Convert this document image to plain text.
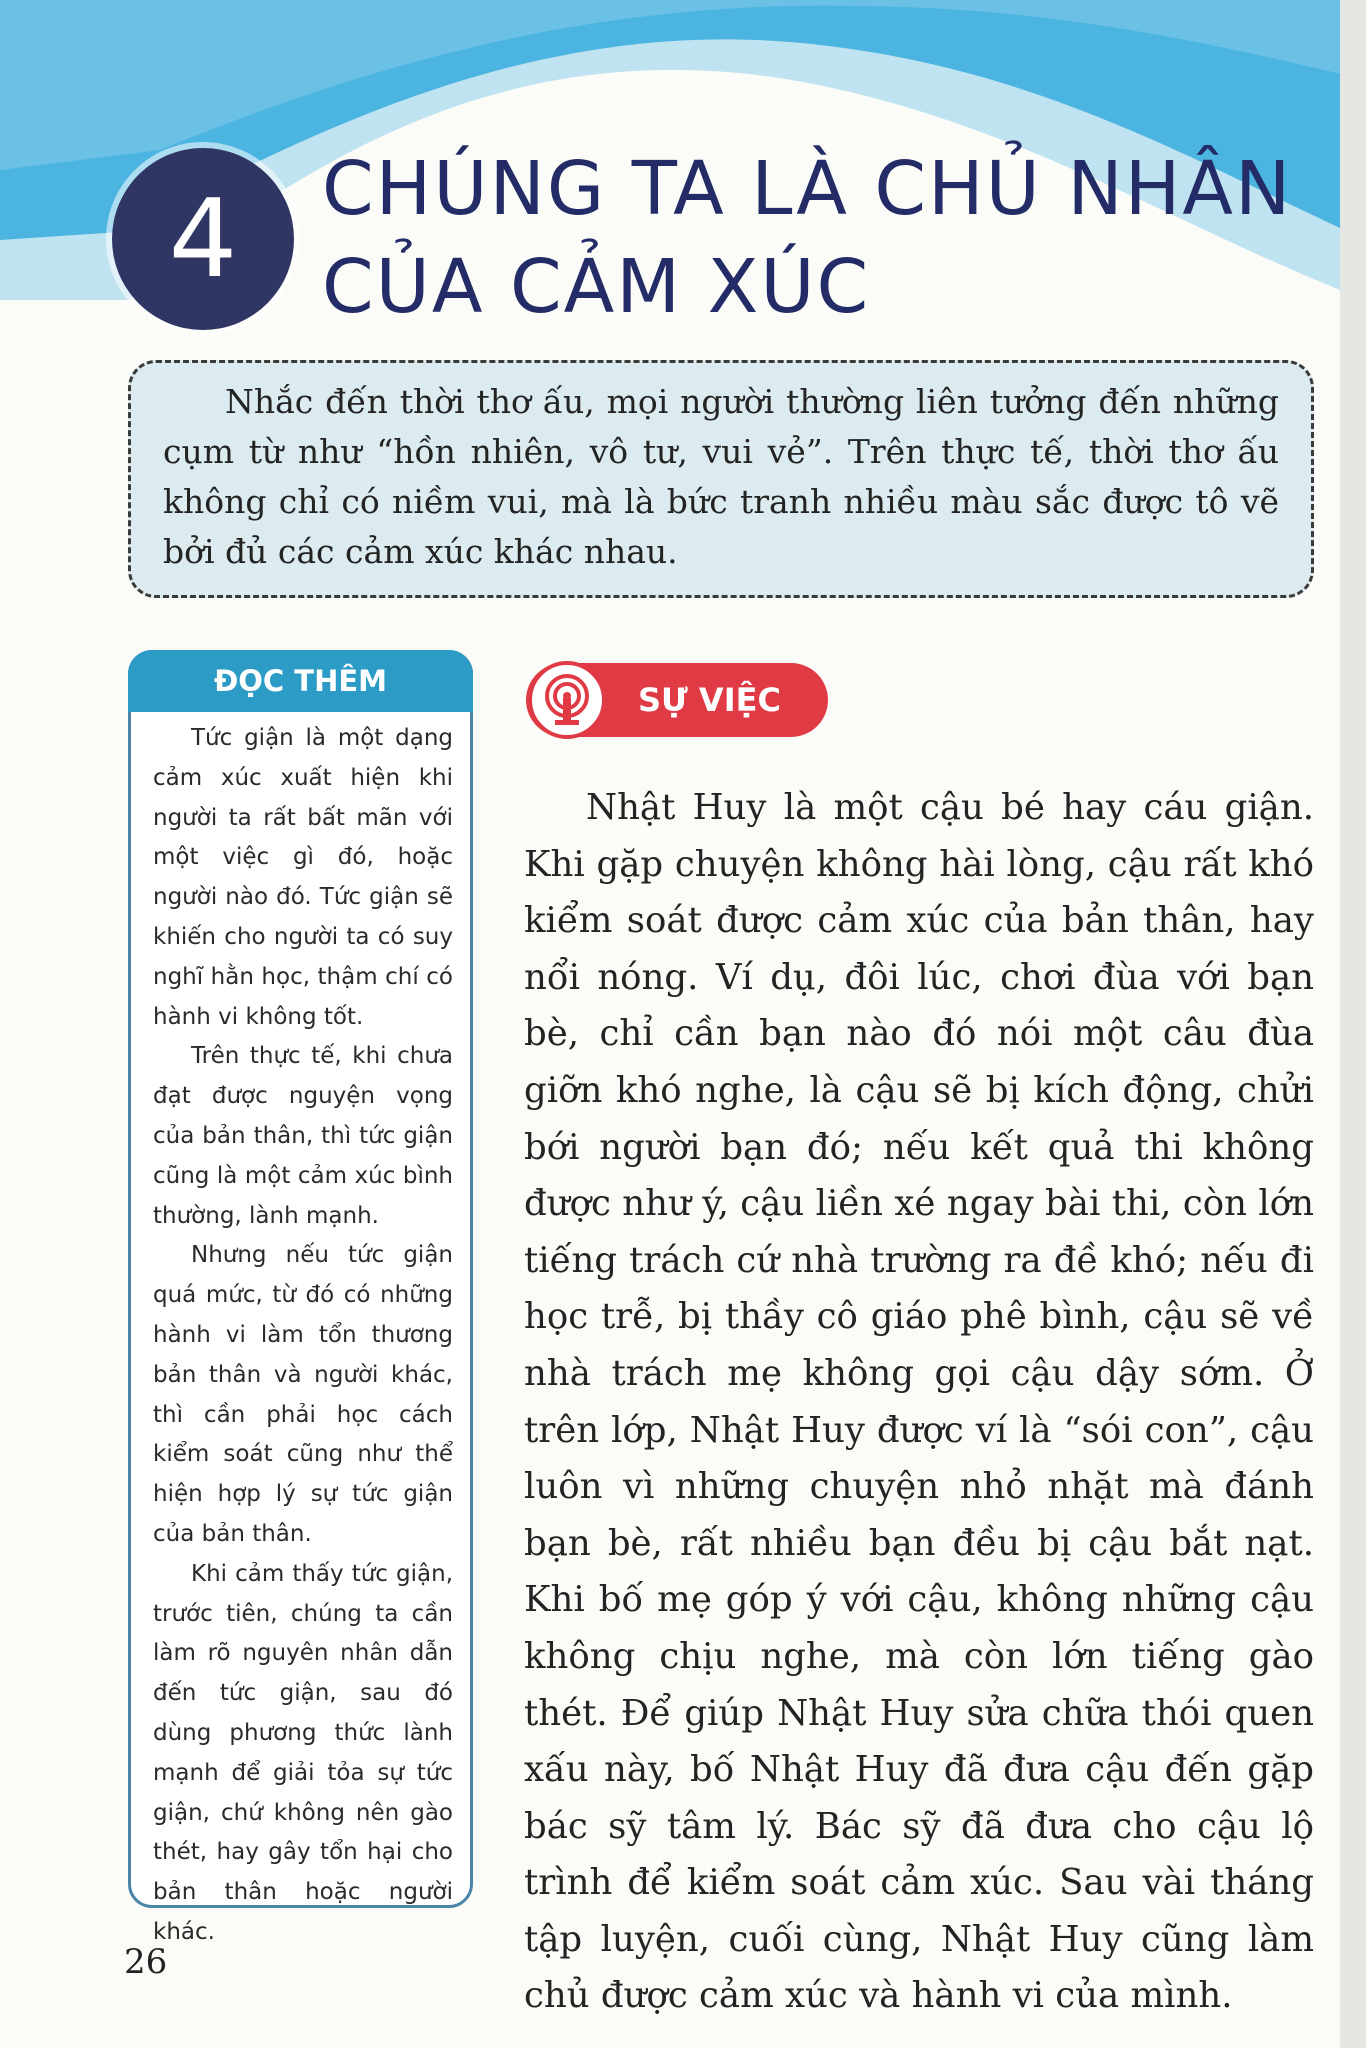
4	CHÚNG TA LÀ CHỦ NHÂN CỦA CẢM XÚC

Nhắc đến thời thơ ấu, mọi người thường liên tưởng đến những cụm từ như “hồn nhiên, vô tư, vui vẻ”. Trên thực tế, thời thơ ấu không chỉ có niềm vui, mà là bức tranh nhiều màu sắc được tô vẽ bởi đủ các cảm xúc khác nhau.

ĐỌC THÊM

Tức giận là một dạng cảm xúc xuất hiện khi người ta rất bất mãn với một việc gì đó, hoặc người nào đó. Tức giận sẽ khiến cho người ta có suy nghĩ hằn học, thậm chí có hành vi không tốt.

Trên thực tế, khi chưa đạt được nguyện vọng của bản thân, thì tức giận cũng là một cảm xúc bình thường, lành mạnh.

Nhưng nếu tức giận quá mức, từ đó có những hành vi làm tổn thương bản thân và người khác, thì cần phải học cách kiểm soát cũng như thể hiện hợp lý sự tức giận của bản thân.

Khi cảm thấy tức giận, trước tiên, chúng ta cần làm rõ nguyên nhân dẫn đến tức giận, sau đó dùng phương thức lành mạnh để giải tỏa sự tức giận, chứ không nên gào thét, hay gây tổn hại cho bản thân hoặc người khác.

SỰ VIỆC

Nhật Huy là một cậu bé hay cáu giận. Khi gặp chuyện không hài lòng, cậu rất khó kiểm soát được cảm xúc của bản thân, hay nổi nóng. Ví dụ, đôi lúc, chơi đùa với bạn bè, chỉ cần bạn nào đó nói một câu đùa giỡn khó nghe, là cậu sẽ bị kích động, chửi bới người bạn đó; nếu kết quả thi không được như ý, cậu liền xé ngay bài thi, còn lớn tiếng trách cứ nhà trường ra đề khó; nếu đi học trễ, bị thầy cô giáo phê bình, cậu sẽ về nhà trách mẹ không gọi cậu dậy sớm. Ở trên lớp, Nhật Huy được ví là “sói con”, cậu luôn vì những chuyện nhỏ nhặt mà đánh bạn bè, rất nhiều bạn đều bị cậu bắt nạt. Khi bố mẹ góp ý với cậu, không những cậu không chịu nghe, mà còn lớn tiếng gào thét. Để giúp Nhật Huy sửa chữa thói quen xấu này, bố Nhật Huy đã đưa cậu đến gặp bác sỹ tâm lý. Bác sỹ đã đưa cho cậu lộ trình để kiểm soát cảm xúc. Sau vài tháng tập luyện, cuối cùng, Nhật Huy cũng làm chủ được cảm xúc và hành vi của mình.

26
